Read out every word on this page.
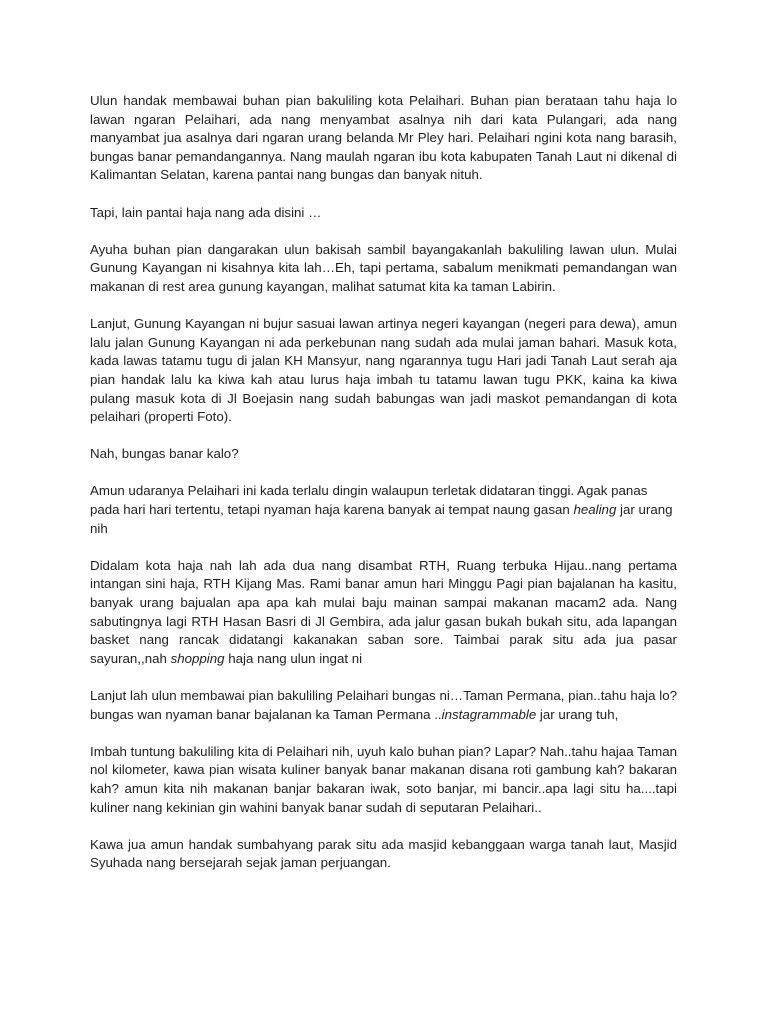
Ulun handak membawai buhan pian bakuliling kota Pelaihari. Buhan pian berataan tahu haja lo lawan ngaran Pelaihari, ada nang menyambat asalnya nih dari kata Pulangari, ada nang manyambat jua asalnya dari ngaran urang belanda Mr Pley hari. Pelaihari ngini kota nang barasih, bungas banar pemandangannya. Nang maulah ngaran ibu kota kabupaten Tanah Laut ni dikenal di Kalimantan Selatan, karena pantai nang bungas dan banyak nituh.

Tapi, lain pantai haja nang ada disini …

Ayuha buhan pian dangarakan ulun bakisah sambil bayangakanlah bakuliling lawan ulun. Mulai Gunung Kayangan ni kisahnya kita lah…Eh, tapi pertama, sabalum menikmati pemandangan wan makanan di rest area gunung kayangan, malihat satumat kita ka taman Labirin.

Lanjut, Gunung Kayangan ni bujur sasuai lawan artinya negeri kayangan (negeri para dewa), amun lalu jalan Gunung Kayangan ni ada perkebunan nang sudah ada mulai jaman bahari. Masuk kota, kada lawas tatamu tugu di jalan KH Mansyur, nang ngarannya tugu Hari jadi Tanah Laut serah aja pian handak lalu ka kiwa kah atau lurus haja imbah tu tatamu lawan tugu PKK, kaina ka kiwa pulang masuk kota di Jl Boejasin nang sudah babungas wan jadi maskot pemandangan di kota pelaihari (properti Foto).

Nah, bungas banar kalo?

Amun udaranya Pelaihari ini kada terlalu dingin walaupun terletak didataran tinggi. Agak panas pada hari hari tertentu, tetapi nyaman haja karena banyak ai tempat naung gasan healing jar urang nih

Didalam kota haja nah lah ada dua nang disambat RTH, Ruang terbuka Hijau..nang pertama intangan sini haja, RTH Kijang Mas. Rami banar amun hari Minggu Pagi pian bajalanan ha kasitu, banyak urang bajualan apa apa kah mulai baju mainan sampai makanan macam2 ada. Nang sabutingnya lagi RTH Hasan Basri di Jl Gembira, ada jalur gasan bukah bukah situ, ada lapangan basket nang rancak didatangi kakanakan saban sore. Taimbai parak situ ada jua pasar sayuran,,nah shopping haja nang ulun ingat ni

Lanjut lah ulun membawai pian bakuliling Pelaihari bungas ni…Taman Permana, pian..tahu haja lo? bungas wan nyaman banar bajalanan ka Taman Permana ..instagrammable jar urang tuh,

Imbah tuntung bakuliling kita di Pelaihari nih, uyuh kalo buhan pian? Lapar? Nah..tahu hajaa Taman nol kilometer, kawa pian wisata kuliner banyak banar makanan disana roti gambung kah? bakaran kah? amun kita nih makanan banjar bakaran iwak, soto banjar, mi bancir..apa lagi situ ha....tapi kuliner nang kekinian gin wahini banyak banar sudah di seputaran Pelaihari..

Kawa jua amun handak sumbahyang parak situ ada masjid kebanggaan warga tanah laut, Masjid Syuhada nang bersejarah sejak jaman perjuangan.
